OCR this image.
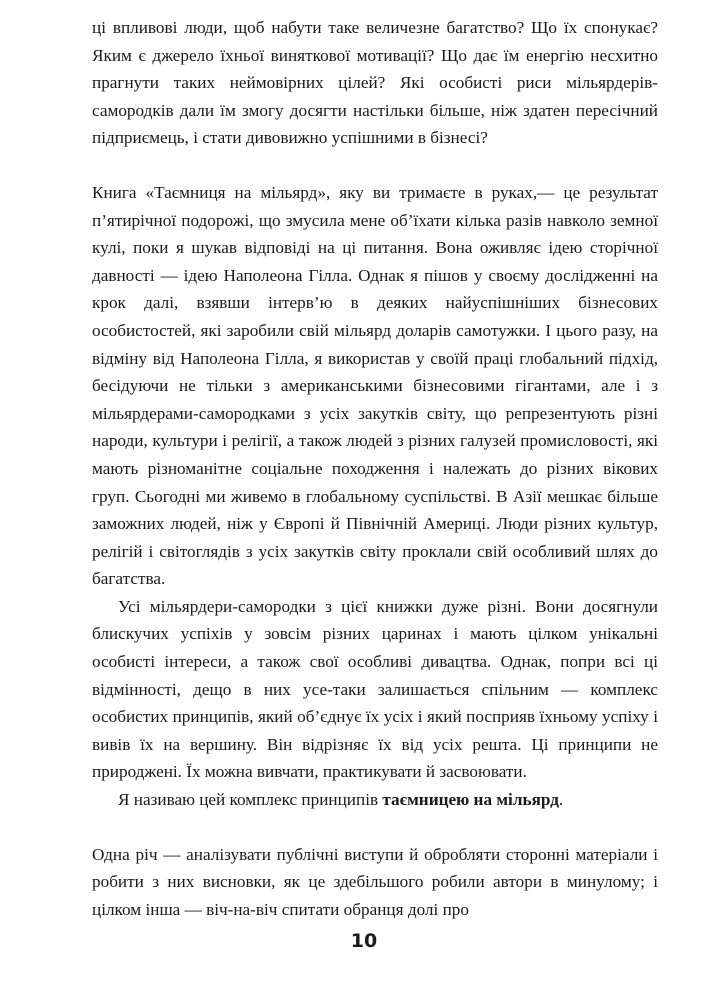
ці впливові люди, щоб набути таке величезне багатство? Що їх спонукає? Яким є джерело їхньої виняткової мотивації? Що дає їм енергію несхитно прагнути таких неймовірних цілей? Які особисті риси мільярдерів-самородків дали їм змогу досягти настільки більше, ніж здатен пересічний підприємець, і стати дивовижно успішними в бізнесі?

Книга «Таємниця на мільярд», яку ви тримаєте в руках,— це результат п’ятирічної подорожі, що змусила мене об’їхати кілька разів навколо земної кулі, поки я шукав відповіді на ці питання. Вона оживляє ідею сторічної давності — ідею Наполеона Гілла. Однак я пішов у своєму дослідженні на крок далі, взявши інтерв’ю в деяких найуспішніших бізнесових особистостей, які заробили свій мільярд доларів самотужки. І цього разу, на відміну від Наполеона Гілла, я використав у своїй праці глобальний підхід, бесідуючи не тільки з американськими бізнесовими гігантами, але і з мільярдерами-самородками з усіх закутків світу, що репрезентують різні народи, культури і релігії, а також людей з різних галузей промисловості, які мають різноманітне соціальне походження і належать до різних вікових груп. Сьогодні ми живемо в глобальному суспільстві. В Азії мешкає більше заможних людей, ніж у Європі й Північній Америці. Люди різних культур, релігій і світоглядів з усіх закутків світу проклали свій особливий шлях до багатства.

Усі мільярдери-самородки з цієї книжки дуже різні. Вони досягнули блискучих успіхів у зовсім різних царинах і мають цілком унікальні особисті інтереси, а також свої особливі дивацтва. Однак, попри всі ці відмінності, дещо в них усе-таки залишається спільним — комплекс особистих принципів, який об’єднує їх усіх і який посприяв їхньому успіху і вивів їх на вершину. Він відрізняє їх від усіх решта. Ці принципи не природжені. Їх можна вивчати, практикувати й засвоювати.

Я називаю цей комплекс принципів таємницею на мільярд.

Одна річ — аналізувати публічні виступи й обробляти сторонні матеріали і робити з них висновки, як це здебільшого робили автори в минулому; і цілком інша — віч-на-віч спитати обранця долі про

10
